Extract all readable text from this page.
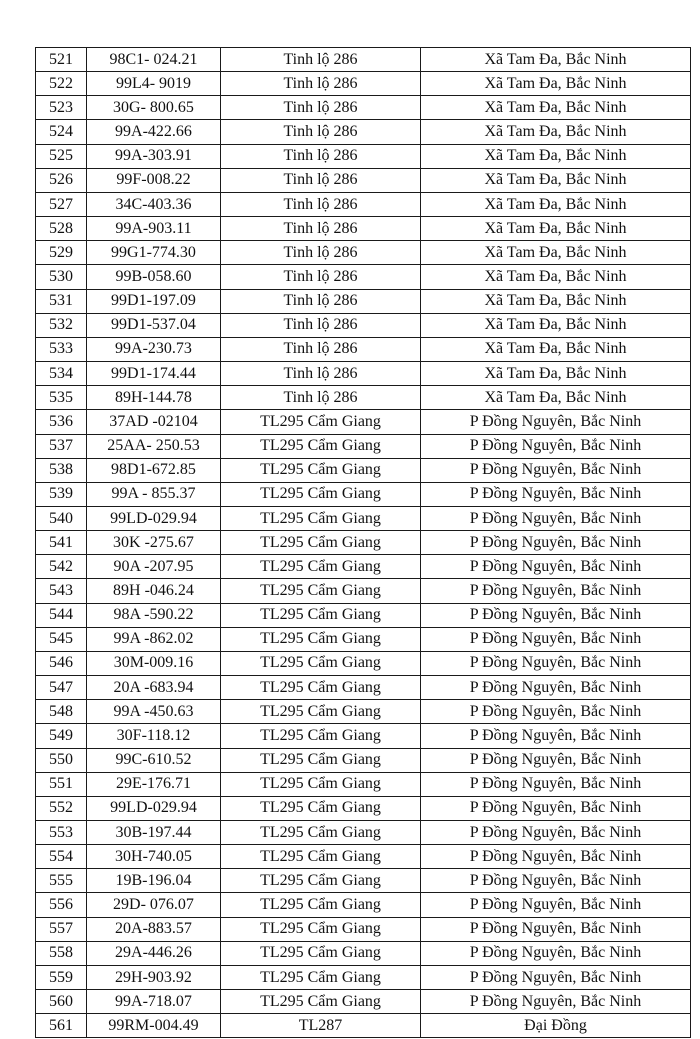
521	98C1- 024.21	Tinh lộ 286	Xã Tam Đa, Bắc Ninh
522	99L4- 9019	Tinh lộ 286	Xã Tam Đa, Bắc Ninh
523	30G- 800.65	Tinh lộ 286	Xã Tam Đa, Bắc Ninh
524	99A-422.66	Tinh lộ 286	Xã Tam Đa, Bắc Ninh
525	99A-303.91	Tinh lộ 286	Xã Tam Đa, Bắc Ninh
526	99F-008.22	Tinh lộ 286	Xã Tam Đa, Bắc Ninh
527	34C-403.36	Tinh lộ 286	Xã Tam Đa, Bắc Ninh
528	99A-903.11	Tinh lộ 286	Xã Tam Đa, Bắc Ninh
529	99G1-774.30	Tinh lộ 286	Xã Tam Đa, Bắc Ninh
530	99B-058.60	Tinh lộ 286	Xã Tam Đa, Bắc Ninh
531	99D1-197.09	Tinh lộ 286	Xã Tam Đa, Bắc Ninh
532	99D1-537.04	Tinh lộ 286	Xã Tam Đa, Bắc Ninh
533	99A-230.73	Tinh lộ 286	Xã Tam Đa, Bắc Ninh
534	99D1-174.44	Tinh lộ 286	Xã Tam Đa, Bắc Ninh
535	89H-144.78	Tinh lộ 286	Xã Tam Đa, Bắc Ninh
536	37AD -02104	TL295 Cẩm Giang	P Đồng Nguyên, Bắc Ninh
537	25AA- 250.53	TL295 Cẩm Giang	P Đồng Nguyên, Bắc Ninh
538	98D1-672.85	TL295 Cẩm Giang	P Đồng Nguyên, Bắc Ninh
539	99A - 855.37	TL295 Cẩm Giang	P Đồng Nguyên, Bắc Ninh
540	99LD-029.94	TL295 Cẩm Giang	P Đồng Nguyên, Bắc Ninh
541	30K -275.67	TL295 Cẩm Giang	P Đồng Nguyên, Bắc Ninh
542	90A -207.95	TL295 Cẩm Giang	P Đồng Nguyên, Bắc Ninh
543	89H -046.24	TL295 Cẩm Giang	P Đồng Nguyên, Bắc Ninh
544	98A -590.22	TL295 Cẩm Giang	P Đồng Nguyên, Bắc Ninh
545	99A -862.02	TL295 Cẩm Giang	P Đồng Nguyên, Bắc Ninh
546	30M-009.16	TL295 Cẩm Giang	P Đồng Nguyên, Bắc Ninh
547	20A -683.94	TL295 Cẩm Giang	P Đồng Nguyên, Bắc Ninh
548	99A -450.63	TL295 Cẩm Giang	P Đồng Nguyên, Bắc Ninh
549	30F-118.12	TL295 Cẩm Giang	P Đồng Nguyên, Bắc Ninh
550	99C-610.52	TL295 Cẩm Giang	P Đồng Nguyên, Bắc Ninh
551	29E-176.71	TL295 Cẩm Giang	P Đồng Nguyên, Bắc Ninh
552	99LD-029.94	TL295 Cẩm Giang	P Đồng Nguyên, Bắc Ninh
553	30B-197.44	TL295 Cẩm Giang	P Đồng Nguyên, Bắc Ninh
554	30H-740.05	TL295 Cẩm Giang	P Đồng Nguyên, Bắc Ninh
555	19B-196.04	TL295 Cẩm Giang	P Đồng Nguyên, Bắc Ninh
556	29D- 076.07	TL295 Cẩm Giang	P Đồng Nguyên, Bắc Ninh
557	20A-883.57	TL295 Cẩm Giang	P Đồng Nguyên, Bắc Ninh
558	29A-446.26	TL295 Cẩm Giang	P Đồng Nguyên, Bắc Ninh
559	29H-903.92	TL295 Cẩm Giang	P Đồng Nguyên, Bắc Ninh
560	99A-718.07	TL295 Cẩm Giang	P Đồng Nguyên, Bắc Ninh
561	99RM-004.49	TL287	Đại Đồng
